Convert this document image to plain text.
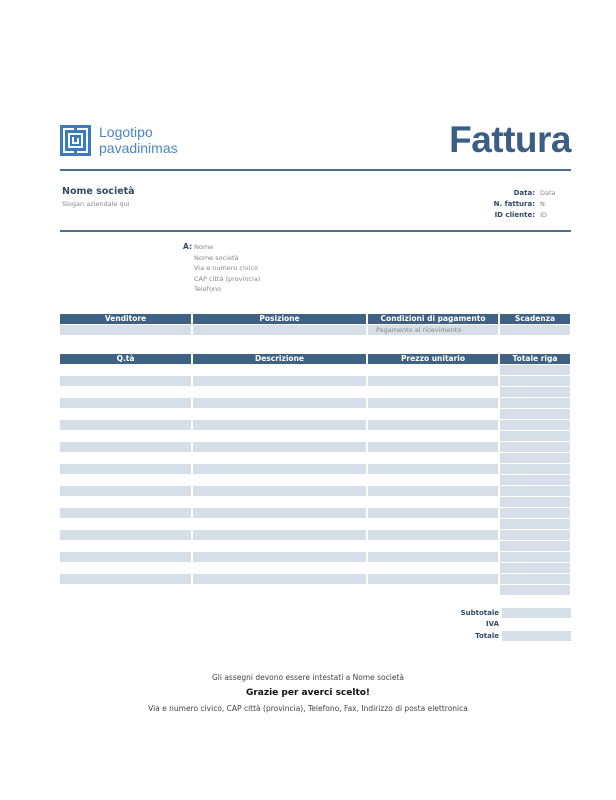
Logotipo
pavadinimas	Fattura
Nome società
Slogan aziendale qui
Data: Data
N. fattura: N.
ID cliente: ID
A: Nome
Nome società
Via e numero civico
CAP città (provincia)
Telefono
Venditore	Posizione	Condizioni di pagamento	Scadenza
		Pagamento al ricevimento	
Q.tà	Descrizione	Prezzo unitario	Totale riga

Subtotale
IVA
Totale
Gli assegni devono essere intestati a Nome società
Grazie per averci scelto!
Via e numero civico, CAP città (provincia), Telefono, Fax, Indirizzo di posta elettronica
